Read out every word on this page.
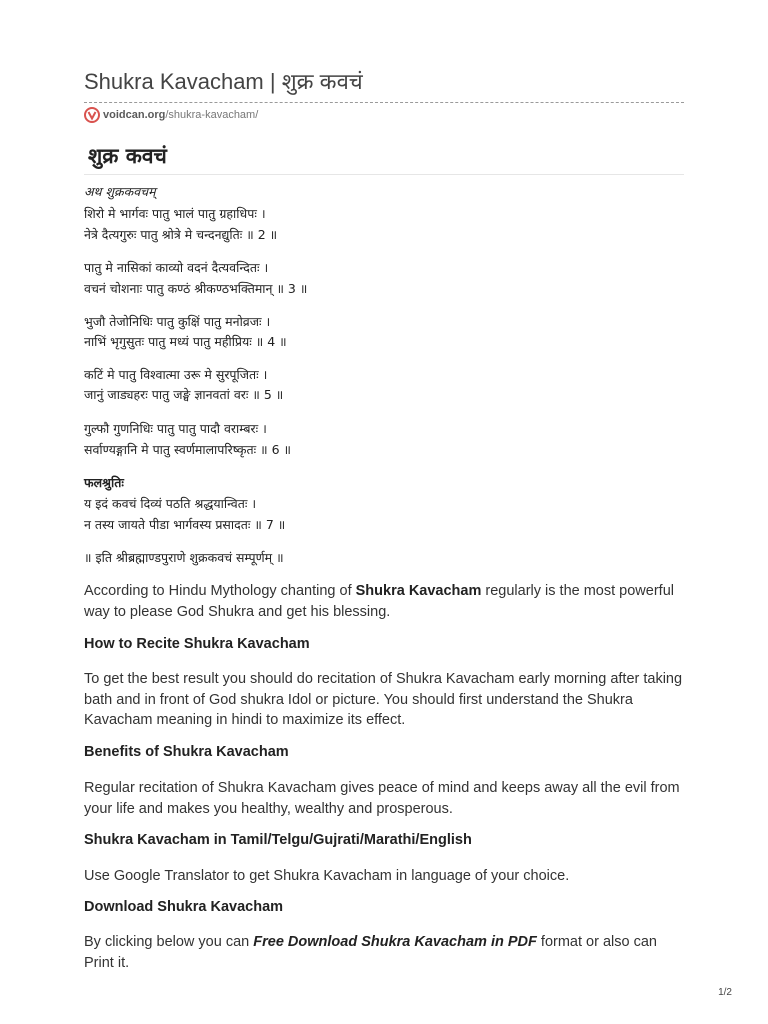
Shukra Kavacham | शुक्र कवचं
voidcan.org /shukra-kavacham/
शुक्र कवचं
अथ शुक्रकवचम्
शिरो मे भार्गवः पातु भालं पातु ग्रहाधिपः ।
नेत्रे दैत्यगुरुः पातु श्रोत्रे मे चन्दनद्युतिः ॥ 2 ॥
पातु मे नासिकां काव्यो वदनं दैत्यवन्दितः ।
वचनं चोशनाः पातु कण्ठं श्रीकण्ठभक्तिमान् ॥ 3 ॥
भुजौ तेजोनिधिः पातु कुक्षिं पातु मनोव्रजः ।
नाभिं भृगुसुतः पातु मध्यं पातु महीप्रियः ॥ 4 ॥
कटिं मे पातु विश्वात्मा उरू मे सुरपूजितः ।
जानुं जाड्यहरः पातु जङ्घे ज्ञानवतां वरः ॥ 5 ॥
गुल्फौ गुणनिधिः पातु पातु पादौ वराम्बरः ।
सर्वाण्यङ्गानि मे पातु स्वर्णमालापरिष्कृतः ॥ 6 ॥
फलश्रुतिः
य इदं कवचं दिव्यं पठति श्रद्धयान्वितः ।
न तस्य जायते पीडा भार्गवस्य प्रसादतः ॥ 7 ॥
॥ इति श्रीब्रह्माण्डपुराणे शुक्रकवचं सम्पूर्णम् ॥
According to Hindu Mythology chanting of Shukra Kavacham regularly is the most powerful way to please God Shukra and get his blessing.
How to Recite Shukra Kavacham
To get the best result you should do recitation of Shukra Kavacham early morning after taking bath and in front of God shukra Idol or picture. You should first understand the Shukra Kavacham meaning in hindi to maximize its effect.
Benefits of Shukra Kavacham
Regular recitation of Shukra Kavacham gives peace of mind and keeps away all the evil from your life and makes you healthy, wealthy and prosperous.
Shukra Kavacham in Tamil/Telgu/Gujrati/Marathi/English
Use Google Translator to get Shukra Kavacham in language of your choice.
Download Shukra Kavacham
By clicking below you can Free Download Shukra Kavacham in PDF format or also can Print it.
1/2
